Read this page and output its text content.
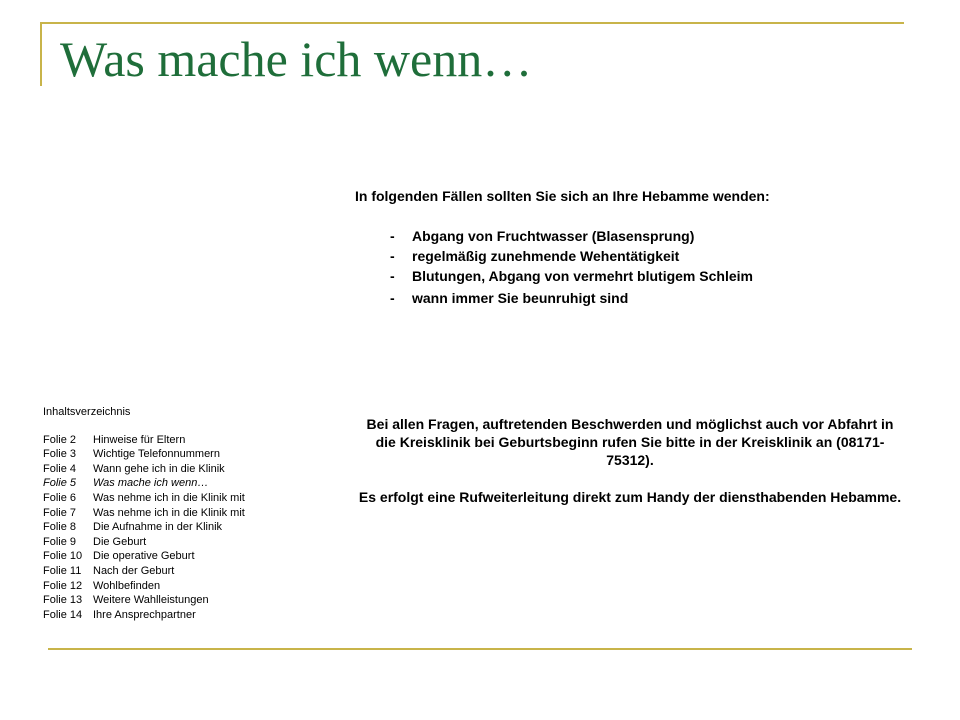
Was mache ich wenn…
In folgenden Fällen sollten Sie sich an Ihre Hebamme wenden:
-	Abgang von Fruchtwasser (Blasensprung)
-	regelmäßig zunehmende Wehentätigkeit
-	Blutungen, Abgang von vermehrt blutigem Schleim
-	wann immer Sie beunruhigt sind
Bei allen Fragen, auftretenden Beschwerden und möglichst auch vor Abfahrt in die Kreisklinik bei Geburtsbeginn rufen Sie bitte in der Kreisklinik an (08171-75312).
Es erfolgt eine Rufweiterleitung direkt zum Handy der diensthabenden Hebamme.
Inhaltsverzeichnis
Folie 2	Hinweise für Eltern
Folie 3	Wichtige Telefonnummern
Folie 4	Wann gehe ich in die Klinik
Folie 5	Was mache ich wenn…
Folie 6	Was nehme ich in die Klinik mit
Folie 7	Was nehme ich in die Klinik mit
Folie 8	Die Aufnahme in der Klinik
Folie 9	Die Geburt
Folie 10 Die operative Geburt
Folie 11	Nach der Geburt
Folie 12 Wohlbefinden
Folie 13 Weitere Wahlleistungen
Folie 14 Ihre Ansprechpartner
